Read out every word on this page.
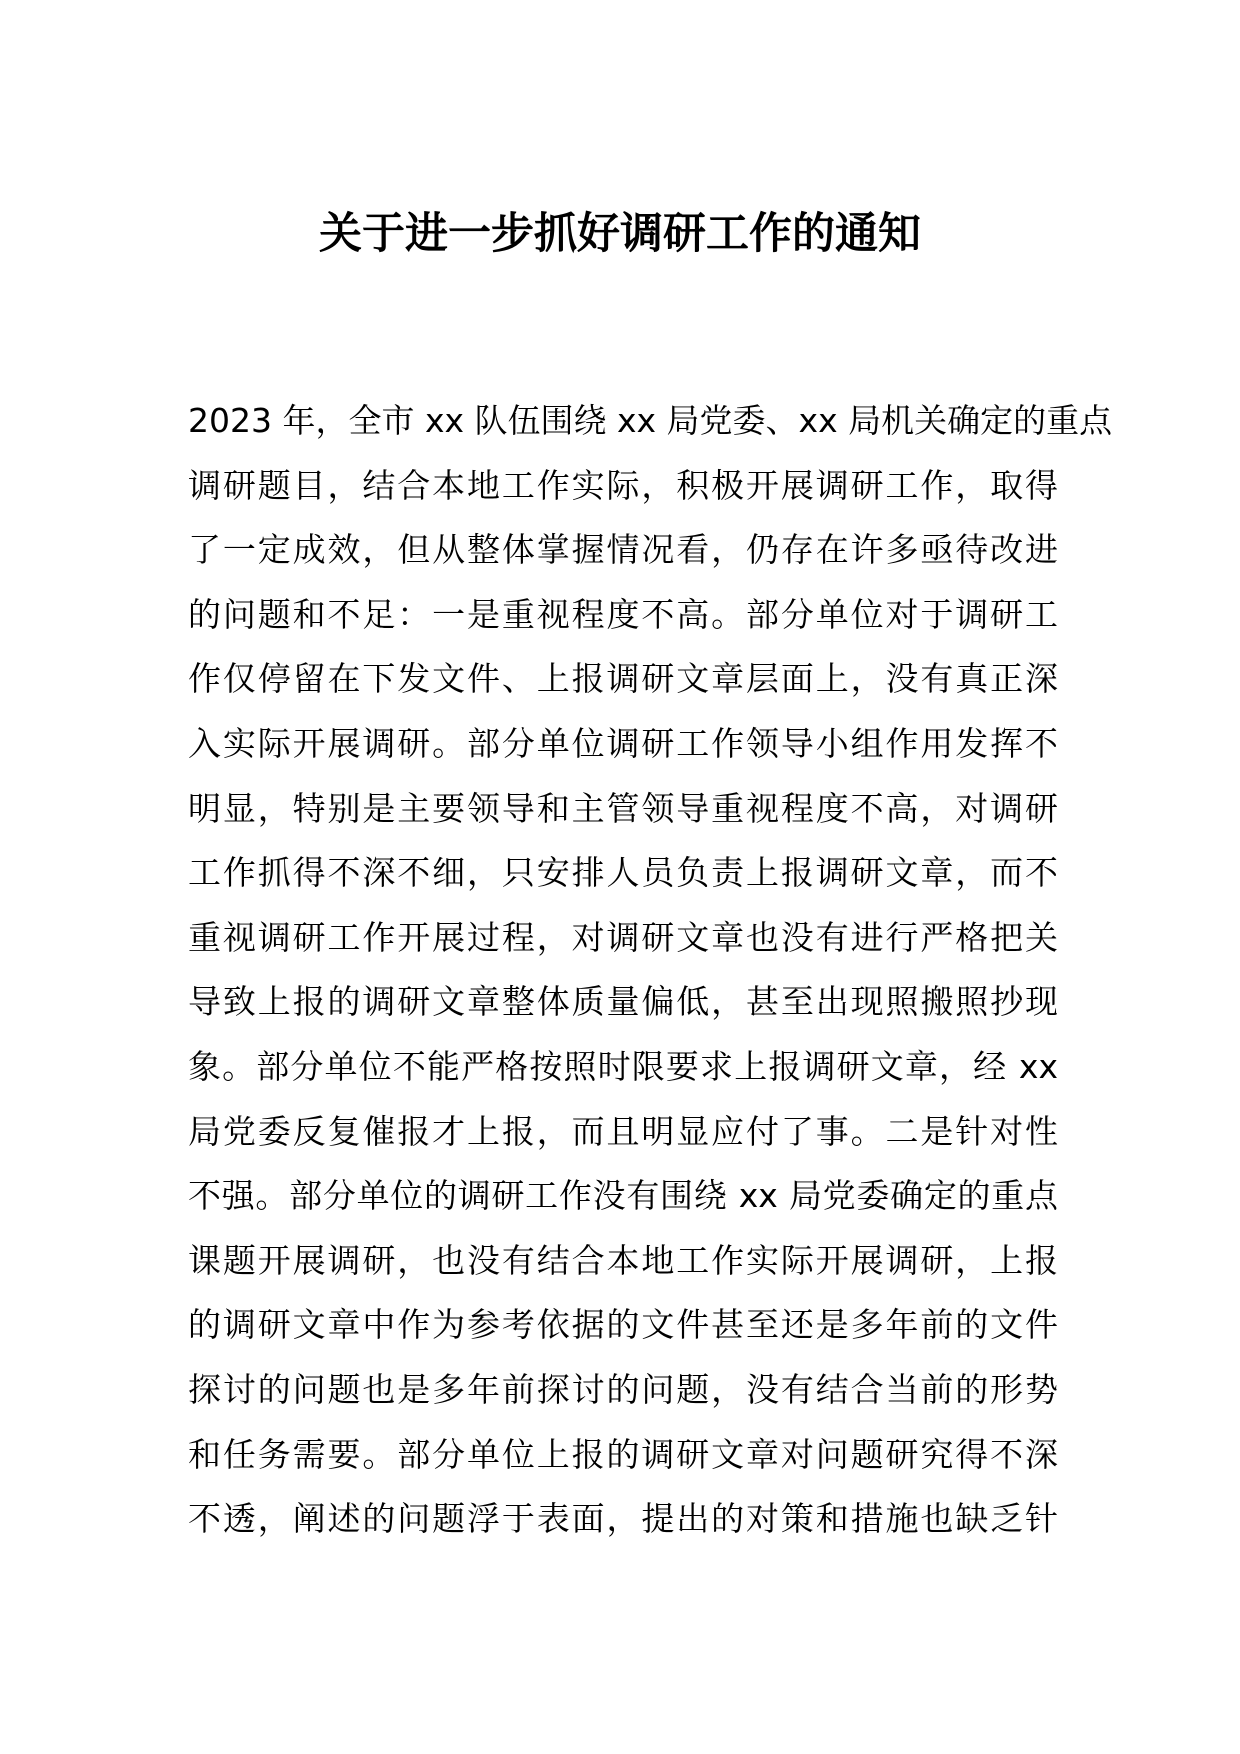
关于进一步抓好调研工作的通知
2023 年，全市 xx 队伍围绕 xx 局党委、xx 局机关确定的重点
调研题目，结合本地工作实际，积极开展调研工作，取得
了一定成效，但从整体掌握情况看，仍存在许多亟待改进
的问题和不足：一是重视程度不高。部分单位对于调研工
作仅停留在下发文件、上报调研文章层面上，没有真正深
入实际开展调研。部分单位调研工作领导小组作用发挥不
明显，特别是主要领导和主管领导重视程度不高，对调研
工作抓得不深不细，只安排人员负责上报调研文章，而不
重视调研工作开展过程，对调研文章也没有进行严格把关
导致上报的调研文章整体质量偏低，甚至出现照搬照抄现
象。部分单位不能严格按照时限要求上报调研文章，经 xx
局党委反复催报才上报，而且明显应付了事。二是针对性
不强。部分单位的调研工作没有围绕 xx 局党委确定的重点
课题开展调研，也没有结合本地工作实际开展调研，上报
的调研文章中作为参考依据的文件甚至还是多年前的文件
探讨的问题也是多年前探讨的问题，没有结合当前的形势
和任务需要。部分单位上报的调研文章对问题研究得不深
不透，阐述的问题浮于表面，提出的对策和措施也缺乏针
